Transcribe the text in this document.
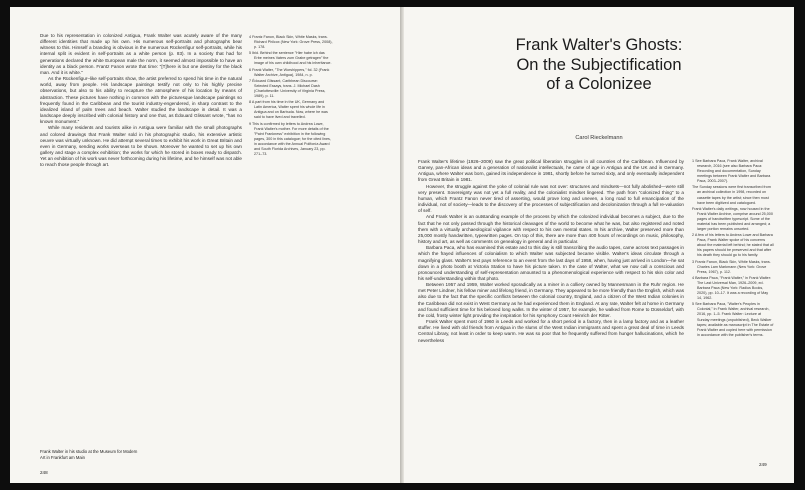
Due to his representation in colonized Antigua, Frank Walter was acutely aware of the many different identities that made up his own. His numerous self-portraits and photographs bear witness to this. Himself a branding is obvious in the numerous Rückenfigur self-portraits, while his internal split is evident in self-portraits as a white person (p. 83). In a society that had for generations declared the white European male the norm, it seemed almost impossible to have an identity as a black person. Frantz Fanon wrote that time: "[T]here is but one destiny for the black man. And it is white."

As the Rückenfigur–like self-portraits show, the artist preferred to spend his time in the natural world, away from people. His landscape paintings testify not only to his highly precise observations, but also to his ability to recapture the atmosphere of his location by means of abstraction. These pictures have nothing in common with the picturesque landscape paintings so frequently found in the Caribbean and the tourist industry-engendered, in sharp contrast to the idealized island of palm trees and beach. Walter studied the landscape in detail. It was a landscape deeply inscribed with colonial history and one that, as Édouard Glissant wrote, "has no known monument."

While many residents and tourists alike in Antigua were familiar with the small photographs and colored drawings that Frank Walter sold in his photographic studio, his extensive artistic oeuvre was virtually unknown. He did attempt several times to exhibit his work in Great Britain and even in Germany, sending works overseas to be shown. Moreover he wanted to set up his own gallery and stage a complex exhibition; the works for which he stored in boxes ready to dispatch. Yet an exhibition of his work was never forthcoming during his lifetime, and he himself was not able to reach those people through art.

4 Frantz Fanon, Black Skin, White Masks, trans. Richard Philcox (New York: Grove Press, 2008), p. 178.

5 Ibid. Behind the sentence "Hier habe ich das Erbe meines Vaters zum Grabe getragen" the image of his own childhood and his inheritance.

6 Frank Walter, "The Worshippers," fol. 32 (Frank Walter Archive, Antigua), 1984, n. p.

7 Édouard Glissant, Caribbean Discourse: Selected Essays, trans. J. Michael Dash (Charlottesville: University of Virginia Press, 1989), p. 11.

8 A part from his time in the UK, Germany and Latin America, Walter spent his whole life in Antigua and on Barbuda. Now, where he was said to have lived and travelled.

9 This is confirmed by letters to Andrea Lowe, Frank Walter's mother. For more details of the "Paint Frankness" exhibition in the following pages, 300 in this catalogue; for the cited lines, in accordance with the Annual Polifonía Award and South Florida Archives, January 23, pp. 271–73.

Frank Walter in his studio at the Museum for Modern Art in Frankfurt am Main
248
Frank Walter's Ghosts:
On the Subjectification
of a Colonizee
Carol Rieckelmann

Frank Walter's lifetime (1926–2009) saw the great political liberation struggles in all countries of the Caribbean. Influenced by Garvey, pan-African ideas and a generation of nationalist intellectuals, he came of age in Antigua and the UK and in Germany. Antigua, where Walter was born, gained its independence in 1981, shortly before he turned sixty, and only eventually independent from Great Britain in 1981.

However, the struggle against the yoke of colonial rule was not over: structures and mindsets—not fully abolished—were still very present. Sovereignty was not yet a full reality, and the colonialist mindset lingered. The path from "colonized thing" to a human, which Frantz Fanon never tired of asserting, would prove long and uneven, a long road to full emancipation of the individual, not of society—leads to the discovery of the processes of subjectification and decolonization through a full re-valuation of self.

And Frank Walter is an outstanding example of the process by which the colonized individual becomes a subject, due to the fact that he not only passed through the historical cleavages of the world to become what he was, but also registered and noted them with a virtually archaeological vigilance with respect to his own mental states. In his archive, Walter preserved more than 25,000 mostly handwritten, typewritten pages. On top of this, there are more than 400 hours of recordings on music, philosophy, history and art, as well as comments on genealogy in general and in particular.

Barbara Paca, who has examined this estate and to this day is still transcribing the audio tapes, came across text passages in which the frayed influences of colonialism to which Walter was subjected became visible. Walter's ideas circulate through a magnifying glass. Walter's text pays reference to an event from the last days of 1958, when, having just arrived in London—he sat down in a photo booth at Victoria Station to have his picture taken. In the case of Walter, what we now call a conscious and pronounced understanding of self-representation amounted to a phenomenological experience with respect to his skin color and his self-understanding within that photo.

Between 1957 and 1959, Walter worked sporadically as a miner in a colliery owned by Mannesmann in the Ruhr region. He met Peter Lindner, his fellow miner and lifelong friend, in Germany. They appeared to be more friendly than the English, which was also due to the fact that the specific conflicts between the colonial country, England, and a citizen of the West Indian colonies in the Caribbean did not exist in West Germany as he had experienced them in England. At any rate, Walter felt at home in Germany and found sufficient time for his beloved long walks. In the winter of 1957, for example, he walked from Rome to Düsseldorf, with the cold, frosty winter light providing the inspiration for his symphony Count Heinrich der Ritter.

Frank Walter spent most of 1960 in Leeds and worked for a short period in a factory, then in a lamp factory and as a leather stuffer. He lived with old friends from Antigua in the slums of the West Indian immigrants and spent a great deal of time in Leeds Central Library, not least in order to keep warm. He was so poor that he frequently suffered from hunger hallucinations, which he nevertheless

1 See Barbara Paca, Frank Walter, archival research, 2016 (see also Barbara Paca: Recording and documentation, Sunday meetings between Frank Walter and Barbara Paca, 2003–2007).

The Sunday sessions were first transcribed from an archival collection in 1998, recorded on cassette tapes by the artist; since then most have been digitized and catalogued.

Frank Walter's daily writings, now housed in the Frank Walter Archive, comprise around 25,000 pages of handwritten typescript. Some of the material has been published and arranged; a larger portion remains unsorted.

2 A few of his letters to Andrea Lowe and Barbara Paca, Frank Walter spoke of his concerns about the material left behind; he stated that all his papers should be preserved and that after his death they should go to his family.

3 Frantz Fanon, Black Skin, White Masks, trans. Charles Lam Markmann (New York: Grove Press, 1967), p. 112.

4 Barbara Paca, "Frank Walter," in Frank Walter: The Last Universal Man, 1926–2009, ed. Barbara Paca (New York: Radius Books, 2020), pp. 10–17. It was a recording of May 14, 1962.

5 See Barbara Paca, "Walter's Peoples in Colonial," in Frank Walter, archival research, 2016, pp. 1–5. Frank Walter: Lecture at Sunday meetings (unpublished), Beck Walker tapes; available as manuscript in The Estate of Frank Walter and copied here with permission in accordance with the publisher's terms.

249
